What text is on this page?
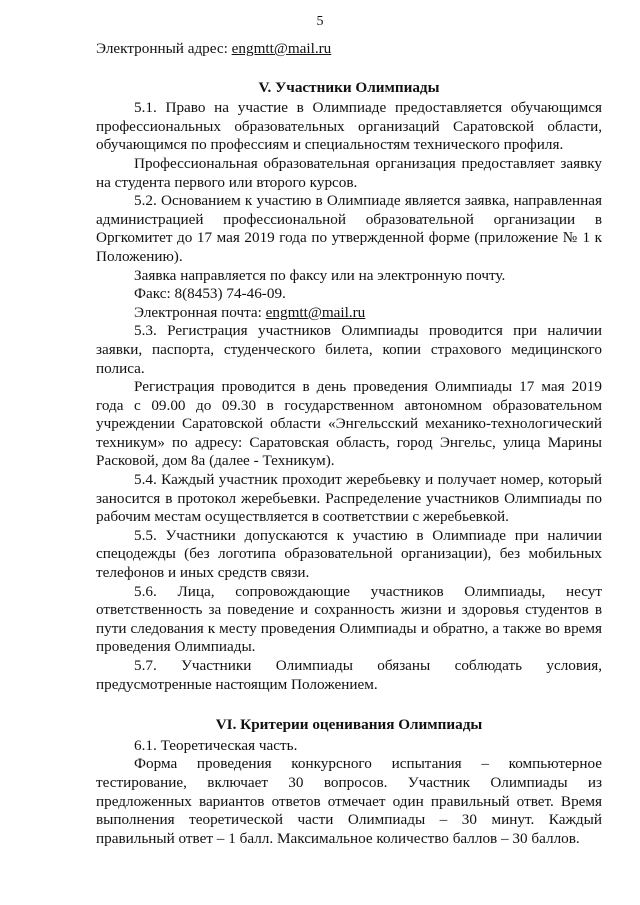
5

Электронный адрес: engmtt@mail.ru

V. Участники Олимпиады

5.1. Право на участие в Олимпиаде предоставляется обучающимся профессиональных образовательных организаций Саратовской области, обучающимся по профессиям и специальностям технического профиля.

Профессиональная образовательная организация предоставляет заявку на студента первого или второго курсов.

5.2. Основанием к участию в Олимпиаде является заявка, направленная администрацией профессиональной образовательной организации в Оргкомитет до 17 мая 2019 года по утвержденной форме (приложение № 1 к Положению).

Заявка направляется по факсу или на электронную почту.

Факс: 8(8453) 74-46-09.

Электронная почта: engmtt@mail.ru

5.3. Регистрация участников Олимпиады проводится при наличии заявки, паспорта, студенческого билета, копии страхового медицинского полиса.

Регистрация проводится в день проведения Олимпиады 17 мая 2019 года с 09.00 до 09.30 в государственном автономном образовательном учреждении Саратовской области «Энгельсский механико-технологический техникум» по адресу: Саратовская область, город Энгельс, улица Марины Расковой, дом 8а (далее - Техникум).

5.4. Каждый участник проходит жеребьевку и получает номер, который заносится в протокол жеребьевки. Распределение участников Олимпиады по рабочим местам осуществляется в соответствии с жеребьевкой.

5.5. Участники допускаются к участию в Олимпиаде при наличии спецодежды (без логотипа образовательной организации), без мобильных телефонов и иных средств связи.

5.6. Лица, сопровождающие участников Олимпиады, несут ответственность за поведение и сохранность жизни и здоровья студентов в пути следования к месту проведения Олимпиады и обратно, а также во время проведения Олимпиады.

5.7. Участники Олимпиады обязаны соблюдать условия, предусмотренные настоящим Положением.

VI. Критерии оценивания Олимпиады

6.1. Теоретическая часть.

Форма проведения конкурсного испытания – компьютерное тестирование, включает 30 вопросов. Участник Олимпиады из предложенных вариантов ответов отмечает один правильный ответ. Время выполнения теоретической части Олимпиады – 30 минут. Каждый правильный ответ – 1 балл. Максимальное количество баллов – 30 баллов.
